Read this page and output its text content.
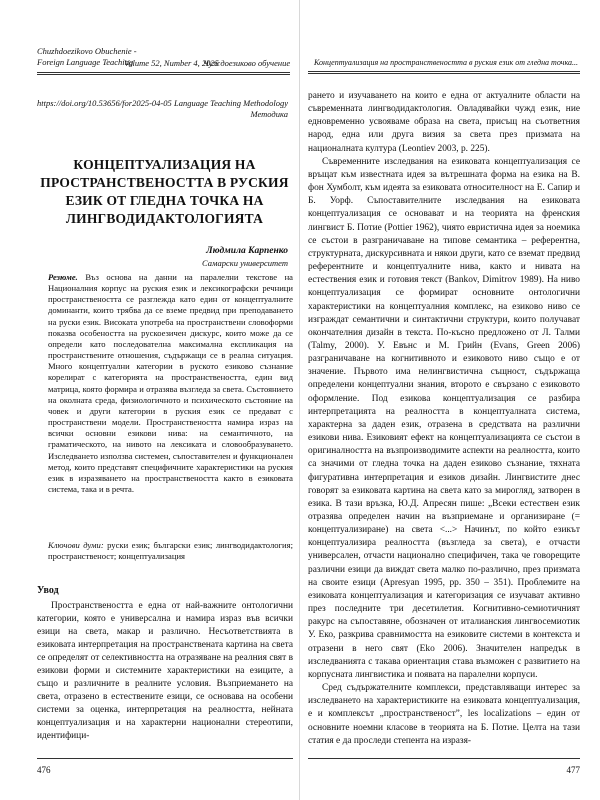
Chuzhdoezikovo Obuchenie -
Foreign Language Teaching
Volume 52, Number 4, 2025
Чуждоезиково обучение
https://doi.org/10.53656/for2025-04-05 Language Teaching Methodology
Методика
КОНЦЕПТУАЛИЗАЦИЯ НА ПРОСТРАНСТВЕНОСТТА В РУСКИЯ ЕЗИК ОТ ГЛЕДНА ТОЧКА НА ЛИНГВОДИДАКТОЛОГИЯТА
Людмила Карпенко
Самарски университет
Резюме. Въз основа на данни на паралелни текстове на Националния корпус на руския език и лексикографски речници пространствеността се разглежда като един от концептуалните доминанти, които трябва да се вземе предвид при преподаването на руски език. Високата употреба на пространствени словоформи показва особеността на рускоезичен дискурс, които може да се определи като последователна максимална експликация на пространствените отношения, съдържащи се в реална ситуация. Много концептуални категории в руското езиково съзнание корелират с категорията на пространствеността, един вид матрица, която формира и отразява възгледа за света. Състоянието на околната среда, физиологичното и психическото състояние на човек и други категории в руския език се предават с пространствени модели. Пространствеността намира израз на всички основни езикови нива: на семантичното, на граматическото, на нивото на лексиката и словообразуването. Изследването използва системен, съпоставителен и функционален метод, които представят специфичните характеристики на руския език в изразяването на пространствеността както в езиковата система, така и в речта.
Ключови думи: руски език; български език; лингводидактология; пространственост; концептуализация
Увод
Пространствеността е една от най-важните онтологични категории, която е универсална и намира израз във всички езици на света, макар и различно. Несъответствията в езиковата интерпретация на пространствената картина на света се определят от селективността на отразяване на реалния свят в езикови форми и системните характеристики на езиците, а също и различните в реалните условия. Възприемането на света, отразено в естествените езици, се основава на особени системи за оценка, интерпретация на реалността, нейната концептуализация и на характерни национални стереотипи, идентифици-
476
Концептуализация на пространствеността в руския език от гледна точка...

рането и изучаването на които е една от актуалните области на съвременната лингводидактология. Овладявайки чужд език, ние едновременно усвояваме образа на света, присъщ на съответния народ, една или друга визия за света през призмата на националната култура (Leontiev 2003, p. 225).

Съвременните изследвания на езиковата концептуализация се връщат към известната идея за вътрешната форма на езика на В. фон Хумболт, към идеята за езиковата относителност на Е. Сапир и Б. Уорф. Съпоставителните изследвания на езиковата концептуализация се основават и на теорията на френския лингвист Б. Потие (Pottier 1962), чиято евристична идея за ноемика се състои в разграничаване на типове семантика – референтна, структурната, дискурсивната и някои други, като се вземат предвид референтните и концептуалните нива, както и нивата на естествения език и готовия текст (Bankov, Dimitrov 1989). На ниво концептуализация се формират основните онтологични характеристики на концептуалния комплекс, на езиково ниво се изграждат семантични и синтактични структури, които получават окончателния дизайн в текста. По-късно предложено от Л. Талми (Talmy, 2000). У. Евънс и М. Грийн (Evans, Green 2006) разграничаване на когнитивното и езиковото ниво също е от значение. Първото има нелингвистична същност, съдържаща определени концептуални знания, второто е свързано с езиковото оформление. Под езикова концептуализация се разбира интерпретацията на реалността в концептуалната система, характерна за даден език, отразена в средствата на различни езикови нива. Езиковият ефект на концептуализацията се състои в оригиналността на възпроизводимите аспекти на реалността, които са значими от гледна точка на даден езиково съзнание, тяхната фигуративна интерпретация и езиков дизайн. Лингвистите днес говорят за езиковата картина на света като за мирогляд, затворен в езика. В тази връзка, Ю.Д. Апресян пише: „Всеки естествен език отразява определен начин на възприемане и организиране (= концептуализиране) на света <...> Начинът, по който езикът концептуализира реалността (възгледа за света), е отчасти универсален, отчасти национално специфичен, така че говорещите различни езици да виждат света малко по-различно, през призмата на своите езици (Apresyan 1995, pp. 350 – 351). Проблемите на езиковата концептуализация и категоризация се изучават активно през последните три десетилетия. Когнитивно-семиотичният ракурс на съпоставяне, обозначен от италианския лингвосемиотик У. Еко, разкрива сравнимостта на езиковите системи в контекста и отразени в него свят (Eko 2006). Значителен напредък в изследванията с такава ориентация става възможен с развитието на корпусната лингвистика и появата на паралелни корпуси.

Сред съдържателните комплекси, представляващи интерес за изследването на характеристиките на езиковата концептуализация, е и комплексът „пространственост”, les localizations – един от основните ноемни класове в теорията на Б. Потие. Целта на тази статия е да проследи степента на изразя-

477
